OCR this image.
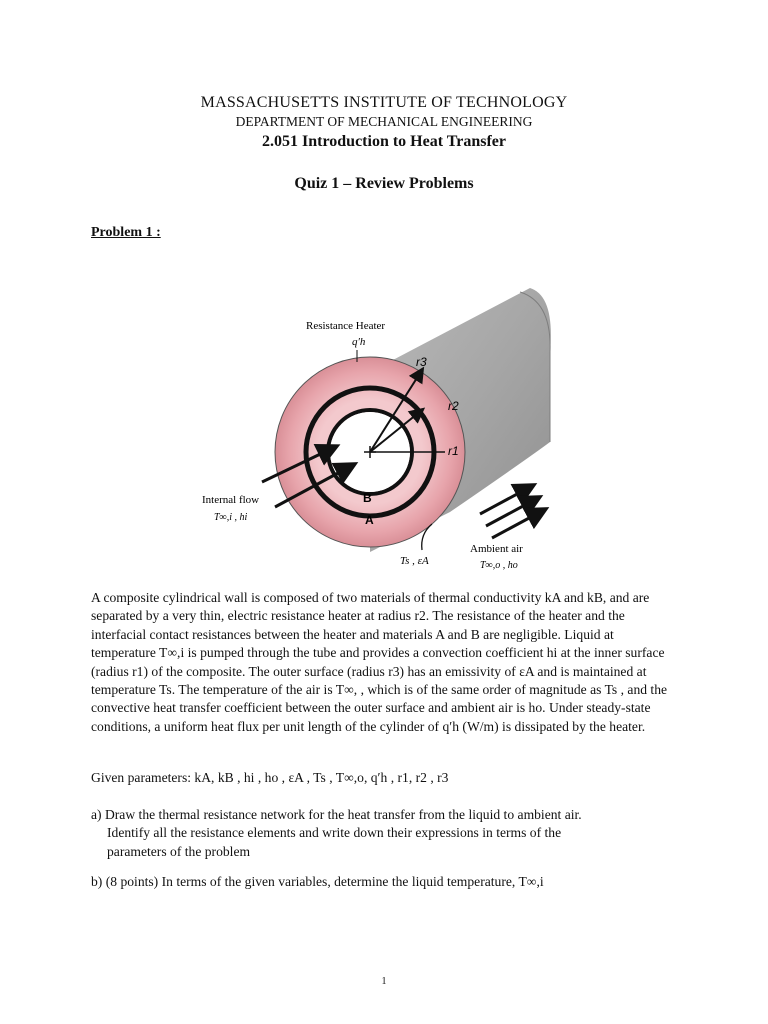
MASSACHUSETTS INSTITUTE OF TECHNOLOGY
DEPARTMENT OF MECHANICAL ENGINEERING
2.051 Introduction to Heat Transfer
Quiz 1 – Review Problems
Problem 1 :
Resistance Heater
q′h
r3
r2
r1
B
A
Internal flow
T∞,i , hi
Ts , εA
Ambient air
T∞,o , ho

A composite cylindrical wall is composed of two materials of thermal conductivity kA and kB, and are separated by a very thin, electric resistance heater at radius r2. The resistance of the heater and the interfacial contact resistances between the heater and materials A and B are negligible. Liquid at temperature T∞,i is pumped through the tube and provides a convection coefficient hi at the inner surface (radius r1) of the composite. The outer surface (radius r3) has an emissivity of εA and is maintained at temperature Ts. The temperature of the air is T∞, , which is of the same order of magnitude as Ts , and the convective heat transfer coefficient between the outer surface and ambient air is ho. Under steady-state conditions, a uniform heat flux per unit length of the cylinder of q′h (W/m) is dissipated by the heater.

Given parameters: kA, kB , hi , ho , εA , Ts , T∞,o, q′h , r1, r2 , r3
a) Draw the thermal resistance network for the heat transfer from the liquid to ambient air.
Identify all the resistance elements and write down their expressions in terms of the
parameters of the problem
b) (8 points) In terms of the given variables, determine the liquid temperature, T∞,i
1
